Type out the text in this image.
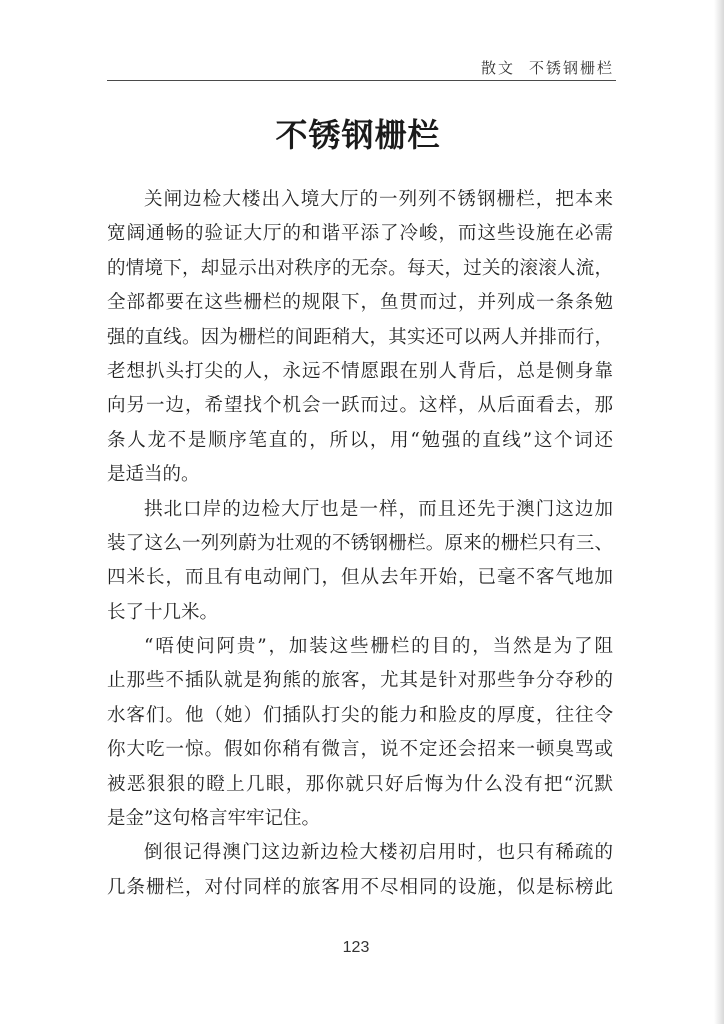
散文 不锈钢栅栏
不锈钢栅栏
关闸边检大楼出入境大厅的一列列不锈钢栅栏，把本来
宽阔通畅的验证大厅的和谐平添了冷峻，而这些设施在必需
的情境下，却显示出对秩序的无奈。每天，过关的滚滚人流，
全部都要在这些栅栏的规限下，鱼贯而过，并列成一条条勉
强的直线。因为栅栏的间距稍大，其实还可以两人并排而行，
老想扒头打尖的人，永远不情愿跟在别人背后，总是侧身靠
向另一边，希望找个机会一跃而过。这样，从后面看去，那
条人龙不是顺序笔直的，所以，用“勉强的直线”这个词还
是适当的。
拱北口岸的边检大厅也是一样，而且还先于澳门这边加
装了这么一列列蔚为壮观的不锈钢栅栏。原来的栅栏只有三、
四米长，而且有电动闸门，但从去年开始，已毫不客气地加
长了十几米。
“唔使问阿贵”，加装这些栅栏的目的，当然是为了阻
止那些不插队就是狗熊的旅客，尤其是针对那些争分夺秒的
水客们。他（她）们插队打尖的能力和脸皮的厚度，往往令
你大吃一惊。假如你稍有微言，说不定还会招来一顿臭骂或
被恶狠狠的瞪上几眼，那你就只好后悔为什么没有把“沉默
是金”这句格言牢牢记住。
倒很记得澳门这边新边检大楼初启用时，也只有稀疏的
几条栅栏，对付同样的旅客用不尽相同的设施，似是标榜此
123
